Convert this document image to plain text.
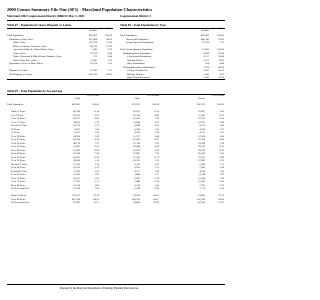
2000 Census Summary File One (SF1) - Maryland Population Characteristics
Maryland 2002 Congressional District 108ROU May 3, 2002	Congressional District 3
Table P1 - Population by Race, Hispanic or Latino
Number
Pct. of Total
Total Population	662,062	100.00
Population of One Race	651,988	98.50
White Alone	512,334	77.41
Black or African American Alone	99,472	15.02
American Indian & Alaska Native Alone	1,490	0.23
Asian Alone	25,573	3.86
Native Hawaiian & Other Pacific Islander Alone	272	0.04
Some Other Race Alone	6,847	1.03
Population of Two or More Races	10,074	1.52
Hispanic or Latino	22,282	3.37
Not Hispanic or Latino	639,780	96.63
Table P2 - Total Population by Type
Number
Pct. of Total
Total Population	662,062	100.00
Household Population	646,342	97.63
Group Quarters Population	15,720	2.37
Total Group Quarters Population	15,665	100.00
Institutionalized Population	8,406	53.66
Correctional Institutions	4,517	28.84
Nursing Homes	3,125	19.95
Other Institutions	764	4.88
Noninstitutionalized Population	7,259	46.34
College Dormitories	3,812	24.33
Military Quarters	1,045	6.67
Other Noninstitutional	2,402	15.33
Table P3 - Total Population by Sex and Age
Total
Pct. of Total
Male
Pct. of Total
Female
Pct. of Total
Total Population	662,062	100.00	319,870	100.00	342,192	100.00
Under 5 Years	40,768	6.16	20,871	6.52	19,897	5.81
5 to 9 Years	43,621	6.59	22,356	6.99	21,265	6.21
10 to 14 Years	43,917	6.63	22,565	7.05	21,352	6.24
15 to 17 Years	24,611	3.72	12,684	3.97	11,927	3.49
18 and 19 Years	18,213	2.75	8,998	2.81	9,215	2.69
20 Years	8,627	1.30	4,269	1.33	4,358	1.27
21 Years	8,191	1.24	4,038	1.26	4,153	1.21
22 to 24 Years	24,016	3.63	11,707	3.66	12,309	3.60
25 to 29 Years	43,566	6.58	21,342	6.67	22,224	6.49
30 to 34 Years	48,112	7.27	23,516	7.35	24,596	7.19
35 to 39 Years	55,407	8.37	26,848	8.39	28,559	8.35
40 to 44 Years	55,820	8.43	26,901	8.41	28,919	8.45
45 to 49 Years	50,034	7.56	23,987	7.50	26,047	7.61
50 to 54 Years	44,785	6.76	21,452	6.71	23,333	6.82
55 to 59 Years	34,280	5.18	16,391	5.12	17,889	5.23
60 and 61 Years	11,256	1.70	5,350	1.67	5,906	1.73
62 to 64 Years	14,733	2.23	6,930	2.17	7,803	2.28
65 and 66 Years	8,941	1.35	4,127	1.29	4,814	1.41
67 to 69 Years	12,412	1.87	5,664	1.77	6,748	1.97
70 to 74 Years	20,187	3.05	8,923	2.79	11,264	3.29
75 to 79 Years	17,935	2.71	7,488	2.34	10,447	3.05
80 to 84 Years	12,104	1.83	4,512	1.41	7,592	2.22
85 Years and Over	10,326	1.56	3,148	0.98	7,178	2.10
Under 18 Years	152,917	23.10	78,476	24.53	74,441	21.75
18 to 64 Years	427,240	64.53	206,532	64.57	220,708	64.50
65 Years and Over	81,905	12.37	34,862	10.90	47,043	13.75
Prepared by the Maryland Department of Planning, Planning Data Services.
